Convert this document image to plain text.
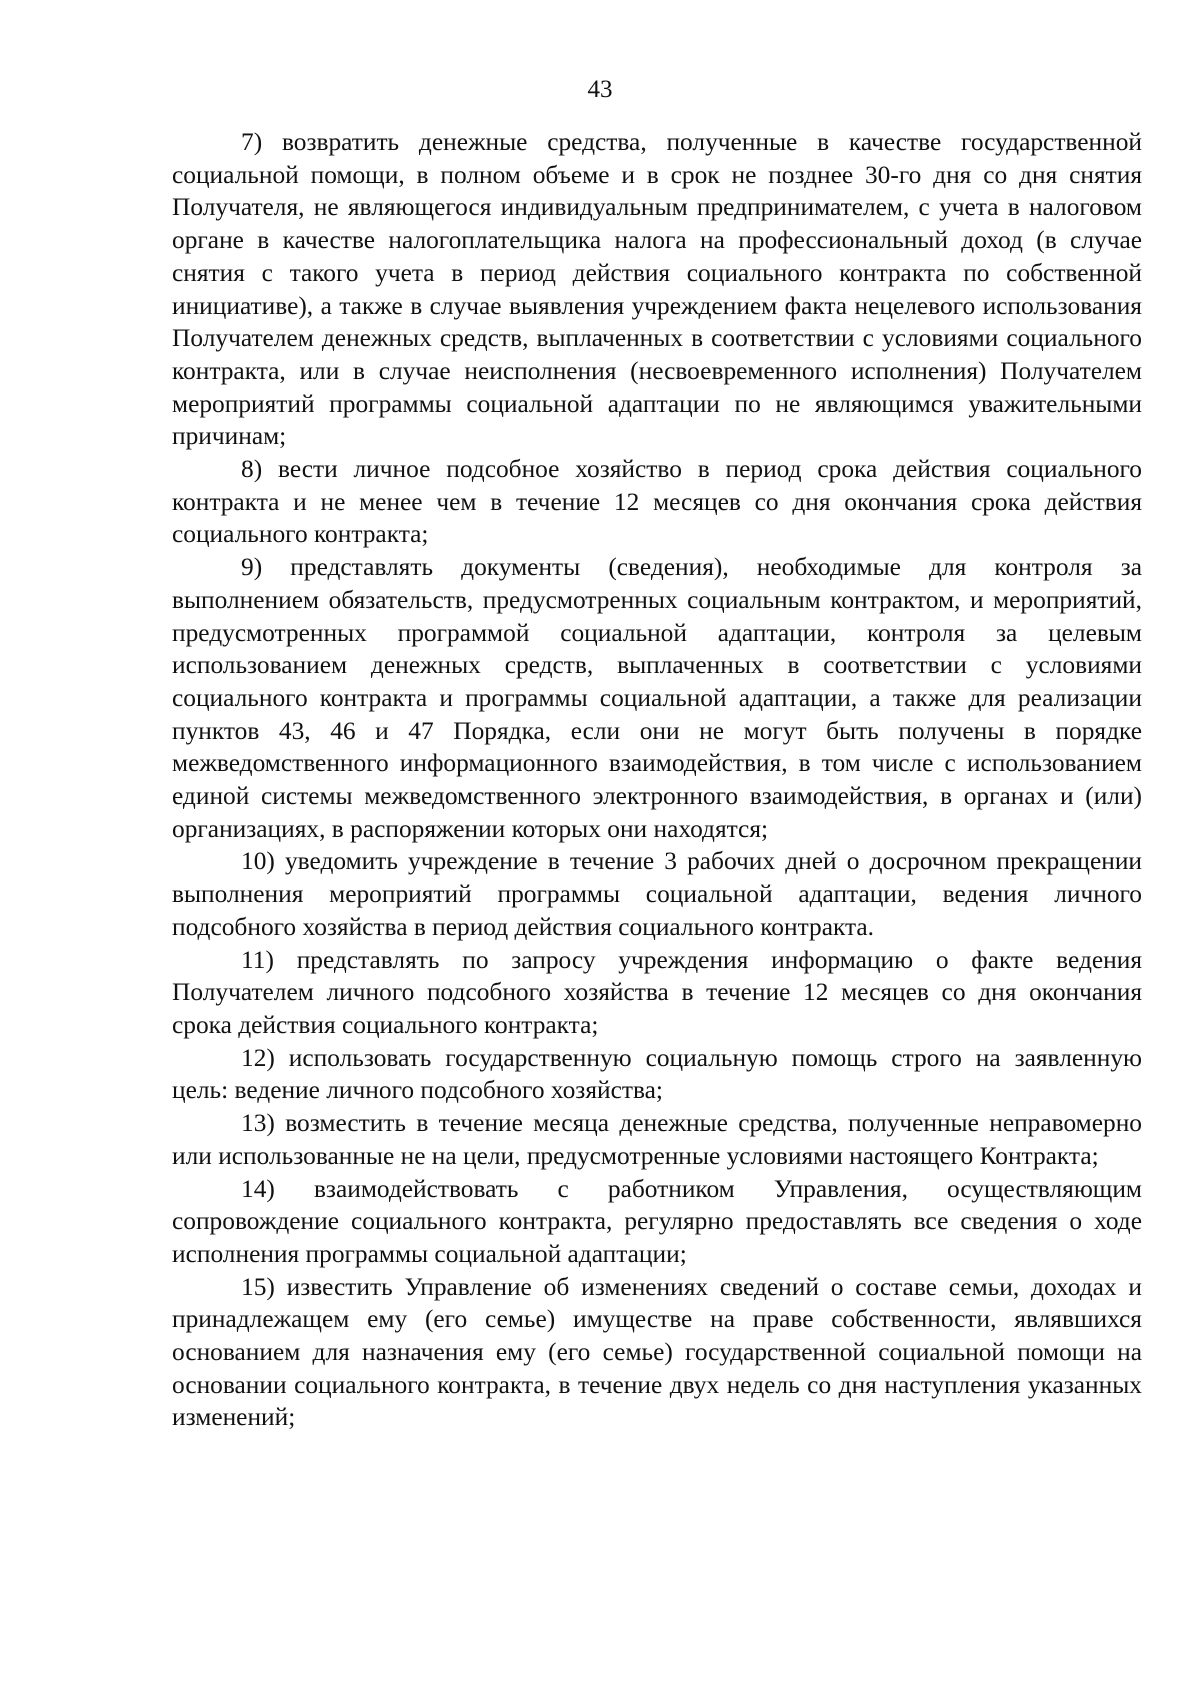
43

7) возвратить денежные средства, полученные в качестве государственной социальной помощи, в полном объеме и в срок не позднее 30-го дня со дня снятия Получателя, не являющегося индивидуальным предпринимателем, с учета в налоговом органе в качестве налогоплательщика налога на профессиональный доход (в случае снятия с такого учета в период действия социального контракта по собственной инициативе), а также в случае выявления учреждением факта нецелевого использования Получателем денежных средств, выплаченных в соответствии с условиями социального контракта, или в случае неисполнения (несвоевременного исполнения) Получателем мероприятий программы социальной адаптации по не являющимся уважительными причинам;

8) вести личное подсобное хозяйство в период срока действия социального контракта и не менее чем в течение 12 месяцев со дня окончания срока действия социального контракта;

9) представлять документы (сведения), необходимые для контроля за выполнением обязательств, предусмотренных социальным контрактом, и мероприятий, предусмотренных программой социальной адаптации, контроля за целевым использованием денежных средств, выплаченных в соответствии с условиями социального контракта и программы социальной адаптации, а также для реализации пунктов 43, 46 и 47 Порядка, если они не могут быть получены в порядке межведомственного информационного взаимодействия, в том числе с использованием единой системы межведомственного электронного взаимодействия, в органах и (или) организациях, в распоряжении которых они находятся;

10) уведомить учреждение в течение 3 рабочих дней о досрочном прекращении выполнения мероприятий программы социальной адаптации, ведения личного подсобного хозяйства в период действия социального контракта.

11) представлять по запросу учреждения информацию о факте ведения Получателем личного подсобного хозяйства в течение 12 месяцев со дня окончания срока действия социального контракта;

12) использовать государственную социальную помощь строго на заявленную цель: ведение личного подсобного хозяйства;

13) возместить в течение месяца денежные средства, полученные неправомерно или использованные не на цели, предусмотренные условиями настоящего Контракта;

14) взаимодействовать с работником Управления, осуществляющим сопровождение социального контракта, регулярно предоставлять все сведения о ходе исполнения программы социальной адаптации;

15) известить Управление об изменениях сведений о составе семьи, доходах и принадлежащем ему (его семье) имуществе на праве собственности, являвшихся основанием для назначения ему (его семье) государственной социальной помощи на основании социального контракта, в течение двух недель со дня наступления указанных изменений;
